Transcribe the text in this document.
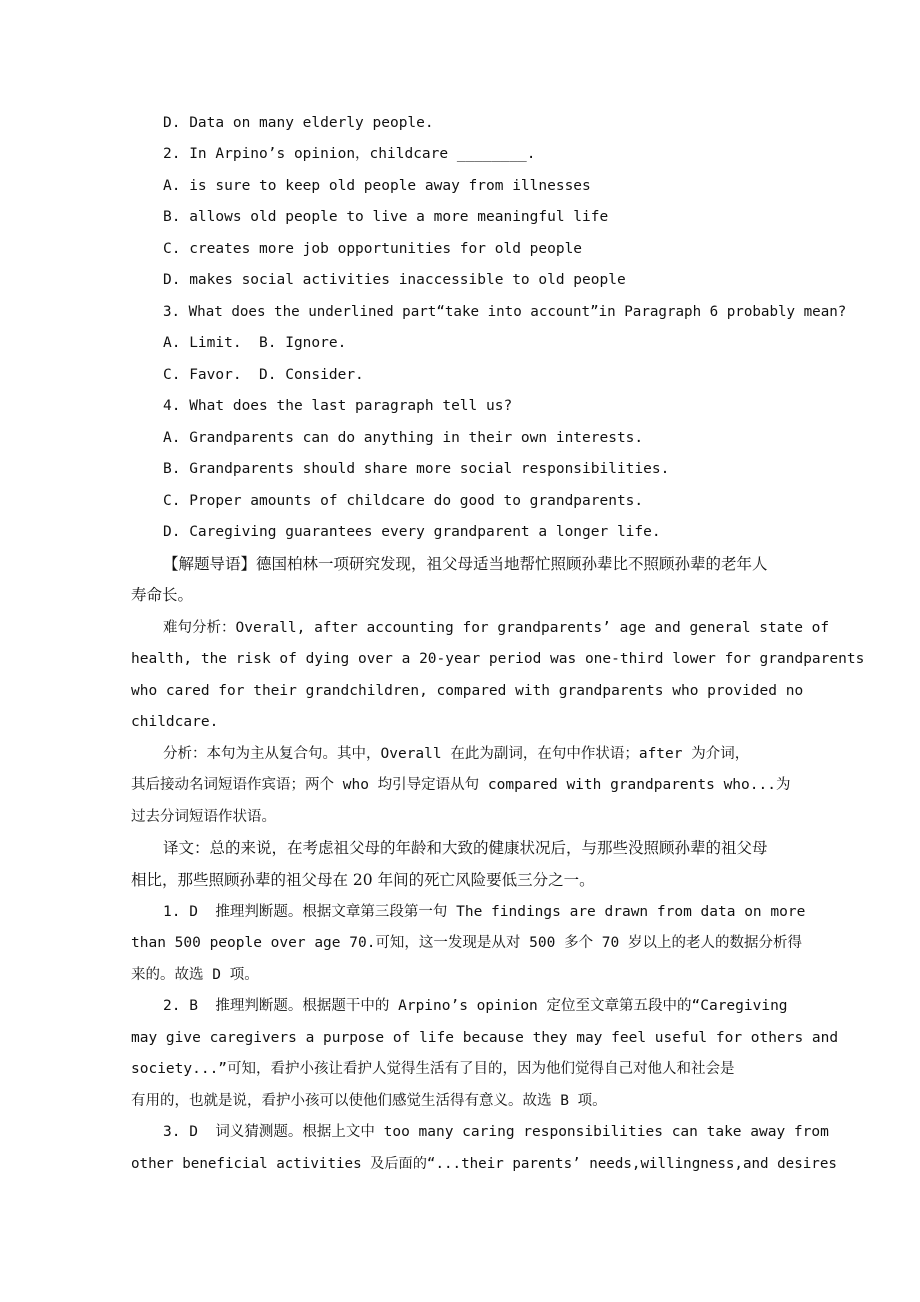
D. Data on many elderly people.
2. In Arpino’s opinion，childcare ________.
A. is sure to keep old people away from illnesses
B. allows old people to live a more meaningful life
C. creates more job opportunities for old people
D. makes social activities inaccessible to old people
3. What does the underlined part“take into account”in Paragraph 6 probably mean?
A. Limit.  B. Ignore.
C. Favor.  D. Consider.
4. What does the last paragraph tell us?
A. Grandparents can do anything in their own interests.
B. Grandparents should share more social responsibilities.
C. Proper amounts of childcare do good to grandparents.
D. Caregiving guarantees every grandparent a longer life.
【解题导语】德国柏林一项研究发现，祖父母适当地帮忙照顾孙辈比不照顾孙辈的老年人
寿命长。
难句分析：Overall, after accounting for grandparents’ age and general state of
health, the risk of dying over a 20-year period was one-third lower for grandparents
who cared for their grandchildren, compared with grandparents who provided no
childcare.
分析：本句为主从复合句。其中，Overall 在此为副词，在句中作状语；after 为介词，
其后接动名词短语作宾语；两个 who 均引导定语从句 compared with grandparents who...为
过去分词短语作状语。
译文：总的来说，在考虑祖父母的年龄和大致的健康状况后，与那些没照顾孙辈的祖父母
相比，那些照顾孙辈的祖父母在 20 年间的死亡风险要低三分之一。
1. D  推理判断题。根据文章第三段第一句 The findings are drawn from data on more
than 500 people over age 70.可知，这一发现是从对 500 多个 70 岁以上的老人的数据分析得
来的。故选 D 项。
2. B  推理判断题。根据题干中的 Arpino’s opinion 定位至文章第五段中的“Caregiving
may give caregivers a purpose of life because they may feel useful for others and
society...”可知，看护小孩让看护人觉得生活有了目的，因为他们觉得自己对他人和社会是
有用的，也就是说，看护小孩可以使他们感觉生活得有意义。故选 B 项。
3. D  词义猜测题。根据上文中 too many caring responsibilities can take away from
other beneficial activities 及后面的“...their parents’ needs,willingness,and desires
